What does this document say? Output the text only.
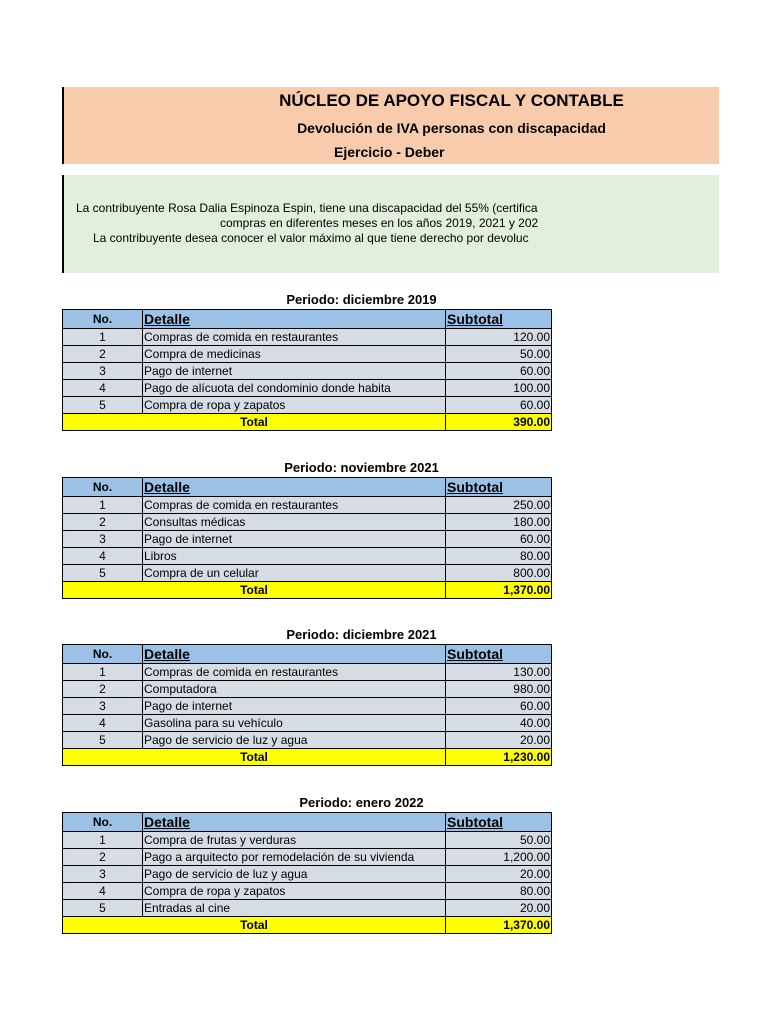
NÚCLEO DE APOYO FISCAL Y CONTABLE
Devolución de IVA personas con discapacidad
Ejercicio - Deber
La contribuyente Rosa Dalia Espinoza Espin, tiene una discapacidad del 55% (certifica
compras en diferentes meses en los años 2019, 2021 y 202
La contribuyente desea conocer el valor máximo al que tiene derecho por devoluc
Periodo: diciembre 2019
No.	Detalle	Subtotal
1	Compras de comida en restaurantes	120.00
2	Compra de medicinas	50.00
3	Pago de internet	60.00
4	Pago de alícuota del condominio donde habita	100.00
5	Compra de ropa y zapatos	60.00
Total		390.00
Periodo: noviembre 2021
No.	Detalle	Subtotal
1	Compras de comida en restaurantes	250.00
2	Consultas médicas	180.00
3	Pago de internet	60.00
4	Libros	80.00
5	Compra de un celular	800.00
Total		1,370.00
Periodo: diciembre 2021
No.	Detalle	Subtotal
1	Compras de comida en restaurantes	130.00
2	Computadora	980.00
3	Pago de internet	60.00
4	Gasolina para su vehículo	40.00
5	Pago de servicio de luz y agua	20.00
Total		1,230.00
Periodo: enero 2022
No.	Detalle	Subtotal
1	Compra de frutas y verduras	50.00
2	Pago a arquitecto por remodelación de su vivienda	1,200.00
3	Pago de servicio de luz y agua	20.00
4	Compra de ropa y zapatos	80.00
5	Entradas al cine	20.00
Total		1,370.00
